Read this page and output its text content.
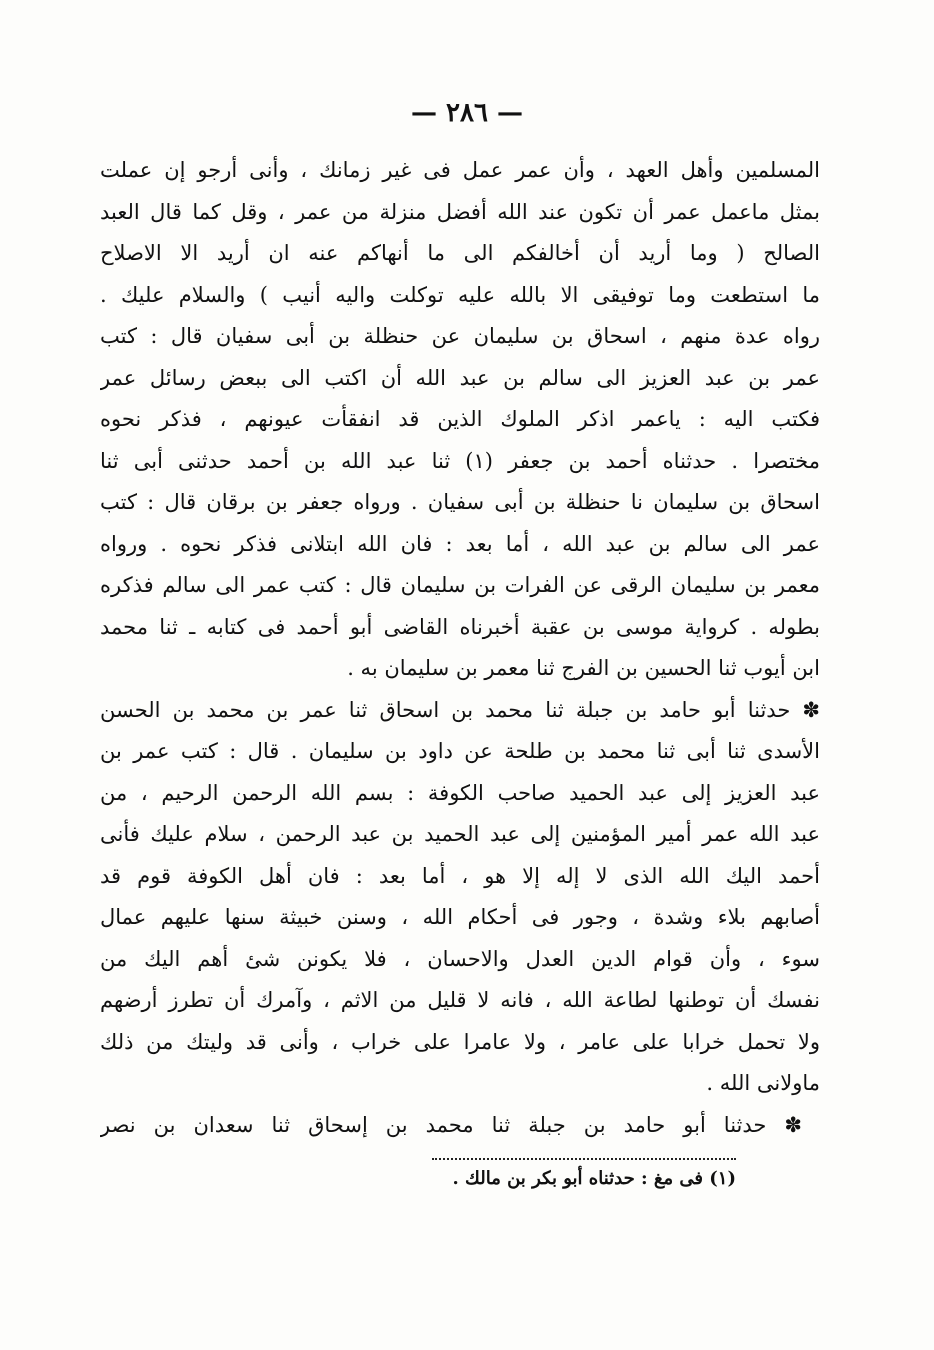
— ٢٨٦ —
المسلمين وأهل العهد ، وأن عمر عمل فى غير زمانك ، وأنى أرجو إن عملت
بمثل ماعمل عمر أن تكون عند الله أفضل منزلة من عمر ، وقل كما قال العبد
الصالح ( وما أريد أن أخالفكم الى ما أنهاكم عنه ان أريد الا الاصلاح
ما استطعت وما توفيقى الا بالله عليه توكلت واليه أنيب ) والسلام عليك .
رواه عدة منهم ، اسحاق بن سليمان عن حنظلة بن أبى سفيان قال : كتب
عمر بن عبد العزيز الى سالم بن عبد الله أن اكتب الى ببعض رسائل عمر
فكتب اليه : ياعمر اذكر الملوك الذين قد انفقأت عيونهم ، فذكر نحوه
مختصرا . حدثناه أحمد بن جعفر (١) ثنا عبد الله بن أحمد حدثنى أبى ثنا
اسحاق بن سليمان نا حنظلة بن أبى سفيان . ورواه جعفر بن برقان قال : كتب
عمر الى سالم بن عبد الله ، أما بعد : فان الله ابتلانى فذكر نحوه . ورواه
معمر بن سليمان الرقى عن الفرات بن سليمان قال : كتب عمر الى سالم فذكره
بطوله . كرواية موسى بن عقبة أخبرناه القاضى أبو أحمد فى كتابه ـ ثنا محمد
ابن أيوب ثنا الحسين بن الفرج ثنا معمر بن سليمان به .
✽ حدثنا أبو حامد بن جبلة ثنا محمد بن اسحاق ثنا عمر بن محمد بن الحسن
الأسدى ثنا أبى ثنا محمد بن طلحة عن داود بن سليمان . قال : كتب عمر بن
عبد العزيز إلى عبد الحميد صاحب الكوفة : بسم الله الرحمن الرحيم ، من
عبد الله عمر أمير المؤمنين إلى عبد الحميد بن عبد الرحمن ، سلام عليك فأنى
أحمد اليك الله الذى لا إله إلا هو ، أما بعد : فان أهل الكوفة قوم قد
أصابهم بلاء وشدة ، وجور فى أحكام الله ، وسنن خبيثة سنها عليهم عمال
سوء ، وأن قوام الدين العدل والاحسان ، فلا يكونن شئ أهم اليك من
نفسك أن توطنها لطاعة الله ، فانه لا قليل من الاثم ، وآمرك أن تطرز أرضهم
ولا تحمل خرابا على عامر ، ولا عامرا على خراب ، وأنى قد وليتك من ذلك
ماولانى الله .
✽ حدثنا أبو حامد بن جبلة ثنا محمد بن إسحاق ثنا سعدان بن نصر
(١) فى مغ : حدثناه أبو بكر بن مالك .
